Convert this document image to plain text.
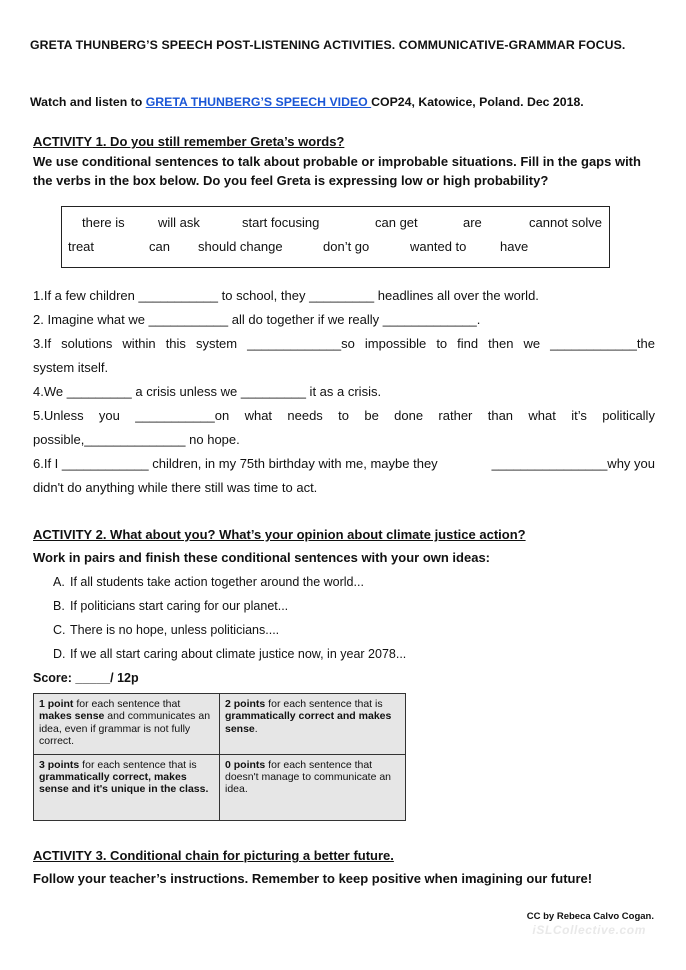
GRETA THUNBERG’S SPEECH POST-LISTENING ACTIVITIES. COMMUNICATIVE-GRAMMAR FOCUS.
Watch and listen to GRETA THUNBERG’S SPEECH VIDEO COP24, Katowice, Poland. Dec 2018.
ACTIVITY 1. Do you still remember Greta’s words?
We use conditional sentences to talk about probable or improbable situations. Fill in the gaps with the verbs in the box below. Do you feel Greta is expressing low or high probability?
there is	will ask	start focusing	can get	are	cannot solve
treat	can should change	don’t go	wanted to	have
1.If a few children ___________ to school, they _________ headlines all over the world.
2. Imagine what we ___________ all do together if we really _____________.
3.If solutions within this system _____________so impossible to find then we ____________the
system itself.
4.We _________ a crisis unless we _________ it as a crisis.
5.Unless you ___________on what needs to be done rather than what it’s politically
possible,______________ no hope.
6.If I ____________ children, in my 75th birthday with me, maybe they	________________why you
didn't do anything while there still was time to act.
ACTIVITY 2. What about you? What’s your opinion about climate justice action?
Work in pairs and finish these conditional sentences with your own ideas:
A. If all students take action together around the world...
B. If politicians start caring for our planet...
C. There is no hope, unless politicians....
D. If we all start caring about climate justice now, in year 2078...
Score: _____/ 12p
1 point for each sentence that makes sense and communicates an idea, even if grammar is not fully correct.	2 points for each sentence that is grammatically correct and makes sense.
3 points for each sentence that is grammatically correct, makes sense and it's unique in the class.	0 points for each sentence that doesn't manage to communicate an idea.
ACTIVITY 3. Conditional chain for picturing a better future.
Follow your teacher’s instructions. Remember to keep positive when imagining our future!
CC by Rebeca Calvo Cogan.
iSLCollective.com
